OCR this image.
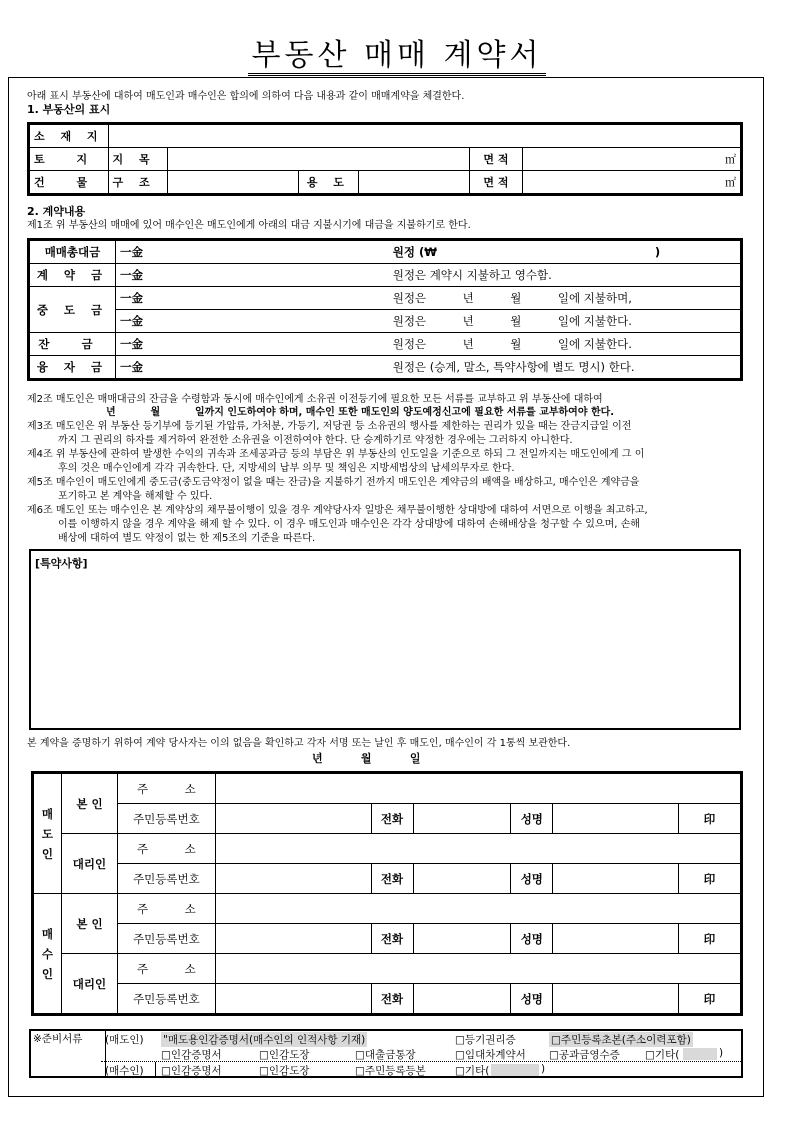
부동산 매매 계약서
아래 표시 부동산에 대하여 매도인과 매수인은 합의에 의하여 다음 내용과 같이 매매계약을 체결한다.
1. 부동산의 표시
소 재 지						
토 지	지 목				면 적	㎡
건 물	구 조		용 도		면 적	㎡
2. 계약내용
제1조 위 부동산의 매매에 있어 매수인은 매도인에게 아래의 대금 지불시기에 대금을 지불하기로 한다.
매매총대금	一金	원정 (₩ )
계 약 금	一金	원정은 계약시 지불하고 영수함.
중 도 금	一金	원정은          년          월          일에 지불하며,
	一金	원정은          년          월          일에 지불한다.
잔 금	一金	원정은          년          월          일에 지불한다.
융 자 금	一金	원정은 (승계, 말소, 특약사항에 별도 명시) 한다.
제2조 매도인은 매매대금의 잔금을 수령함과 동시에 매수인에게 소유권 이전등기에 필요한 모든 서류를 교부하고 위 부동산에 대하여
년          월          일까지 인도하여야 하며, 매수인 또한 매도인의 양도예정신고에 필요한 서류를 교부하여야 한다.
제3조 매도인은 위 부동산 등기부에 등기된 가압류, 가처분, 가등기, 저당권 등 소유권의 행사를 제한하는 권리가 있을 때는 잔금지급일 이전
까지 그 권리의 하자를 제거하여 완전한 소유권을 이전하여야 한다. 단 승계하기로 약정한 경우에는 그러하지 아니한다.
제4조 위 부동산에 관하여 발생한 수익의 귀속과 조세공과금 등의 부담은 위 부동산의 인도일을 기준으로 하되 그 전일까지는 매도인에게 그 이
후의 것은 매수인에게 각각 귀속한다. 단, 지방세의 납부 의무 및 책임은 지방세법상의 납세의무자로 한다.
제5조 매수인이 매도인에게 중도금(중도금약정이 없을 때는 잔금)을 지불하기 전까지 매도인은 계약금의 배액을 배상하고, 매수인은 계약금을
포기하고 본 계약을 해제할 수 있다.
제6조 매도인 또는 매수인은 본 계약상의 채무불이행이 있을 경우 계약당사자 일방은 채무불이행한 상대방에 대하여 서면으로 이행을 최고하고,
이를 이행하지 않을 경우 계약을 해제 할 수 있다. 이 경우 매도인과 매수인은 각각 상대방에 대하여 손해배상을 청구할 수 있으며, 손해
배상에 대하여 별도 약정이 없는 한 제5조의 기준을 따른다.
[특약사항]
본 계약을 증명하기 위하여 계약 당사자는 이의 없음을 확인하고 각자 서명 또는 날인 후 매도인, 매수인이 각 1통씩 보관한다.
년          월          일
매
도
인	본 인	주          소						
		주민등록번호		전화		성명		印
	대리인	주          소						
		주민등록번호		전화		성명		印
매
수
인	본 인	주          소						
		주민등록번호		전화		성명		印
	대리인	주          소						
		주민등록번호		전화		성명		印
※준비서류	(매도인)
(매수인)
"매도용인감증명서(매수인의 인적사항 기재)	□등기권리증	□주민등록초본(주소이력포함)
□인감증명서	□인감도장	□대출금통장	□임대차계약서 □공과금영수증 □기타(	)
□인감증명서	□인감도장	□주민등록등본	□기타(	)
